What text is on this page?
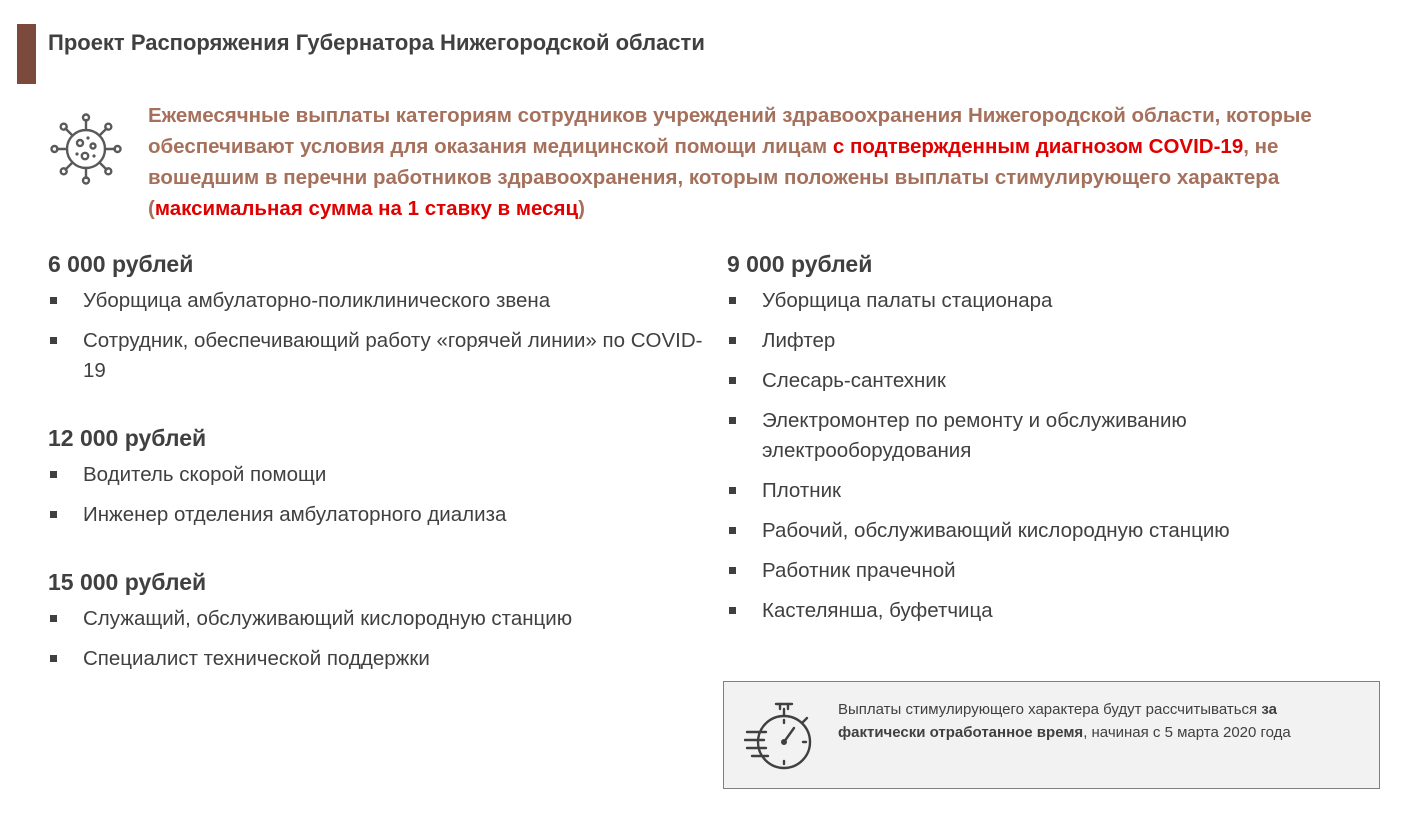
Проект Распоряжения Губернатора Нижегородской области

Ежемесячные выплаты категориям сотрудников учреждений здравоохранения Нижегородской области, которые обеспечивают условия для оказания медицинской помощи лицам с подтвержденным диагнозом COVID-19, не вошедшим в перечни работников здравоохранения, которым положены выплаты стимулирующего характера (максимальная сумма на 1 ставку в месяц)

6 000 рублей
Уборщица амбулаторно-поликлинического звена
Сотрудник, обеспечивающий работу «горячей линии» по COVID-19
12 000 рублей
Водитель скорой помощи
Инженер отделения амбулаторного диализа
15 000 рублей
Служащий, обслуживающий кислородную станцию
Специалист технической поддержки
9 000 рублей
Уборщица палаты стационара
Лифтер
Слесарь-сантехник
Электромонтер по ремонту и обслуживанию электрооборудования
Плотник
Рабочий, обслуживающий кислородную станцию
Работник прачечной
Кастелянша, буфетчица

Выплаты стимулирующего характера будут рассчитываться за фактически отработанное время, начиная с 5 марта 2020 года
